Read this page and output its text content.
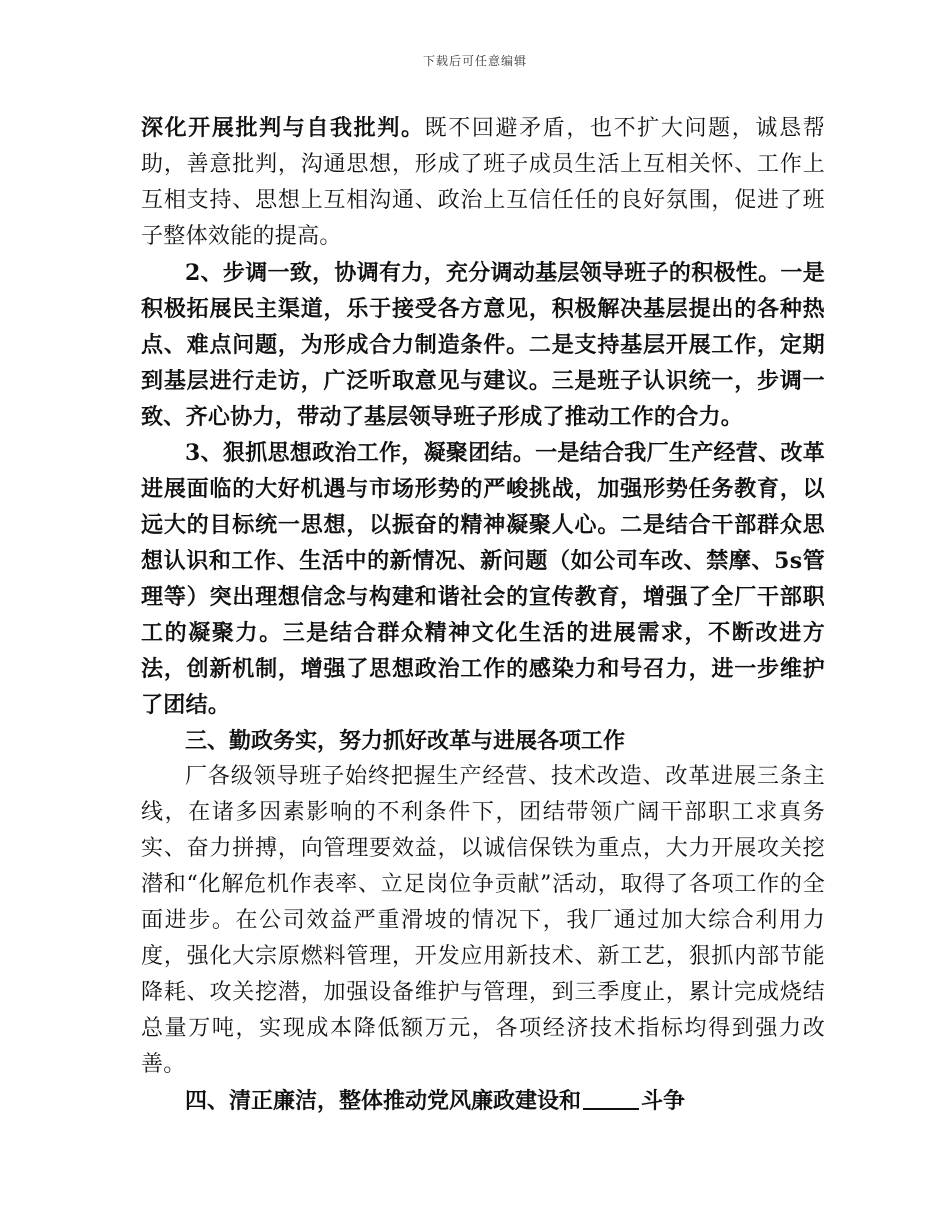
下载后可任意编辑

深化开展批判与自我批判。既不回避矛盾，也不扩大问题，诚恳帮助，善意批判，沟通思想，形成了班子成员生活上互相关怀、工作上互相支持、思想上互相沟通、政治上互信任任的良好氛围，促进了班子整体效能的提高。

2、步调一致，协调有力，充分调动基层领导班子的积极性。一是积极拓展民主渠道，乐于接受各方意见，积极解决基层提出的各种热点、难点问题，为形成合力制造条件。二是支持基层开展工作，定期到基层进行走访，广泛听取意见与建议。三是班子认识统一，步调一致、齐心协力，带动了基层领导班子形成了推动工作的合力。

3、狠抓思想政治工作，凝聚团结。一是结合我厂生产经营、改革进展面临的大好机遇与市场形势的严峻挑战，加强形势任务教育，以远大的目标统一思想，以振奋的精神凝聚人心。二是结合干部群众思想认识和工作、生活中的新情况、新问题（如公司车改、禁摩、5s管理等）突出理想信念与构建和谐社会的宣传教育，增强了全厂干部职工的凝聚力。三是结合群众精神文化生活的进展需求，不断改进方法，创新机制，增强了思想政治工作的感染力和号召力，进一步维护了团结。

三、勤政务实，努力抓好改革与进展各项工作

厂各级领导班子始终把握生产经营、技术改造、改革进展三条主线，在诸多因素影响的不利条件下，团结带领广阔干部职工求真务实、奋力拼搏，向管理要效益，以诚信保铁为重点，大力开展攻关挖潜和“化解危机作表率、立足岗位争贡献”活动，取得了各项工作的全面进步。在公司效益严重滑坡的情况下，我厂通过加大综合利用力度，强化大宗原燃料管理，开发应用新技术、新工艺，狠抓内部节能降耗、攻关挖潜，加强设备维护与管理，到三季度止，累计完成烧结总量万吨，实现成本降低额万元，各项经济技术指标均得到强力改善。

四、清正廉洁，整体推动党风廉政建设和	斗争
